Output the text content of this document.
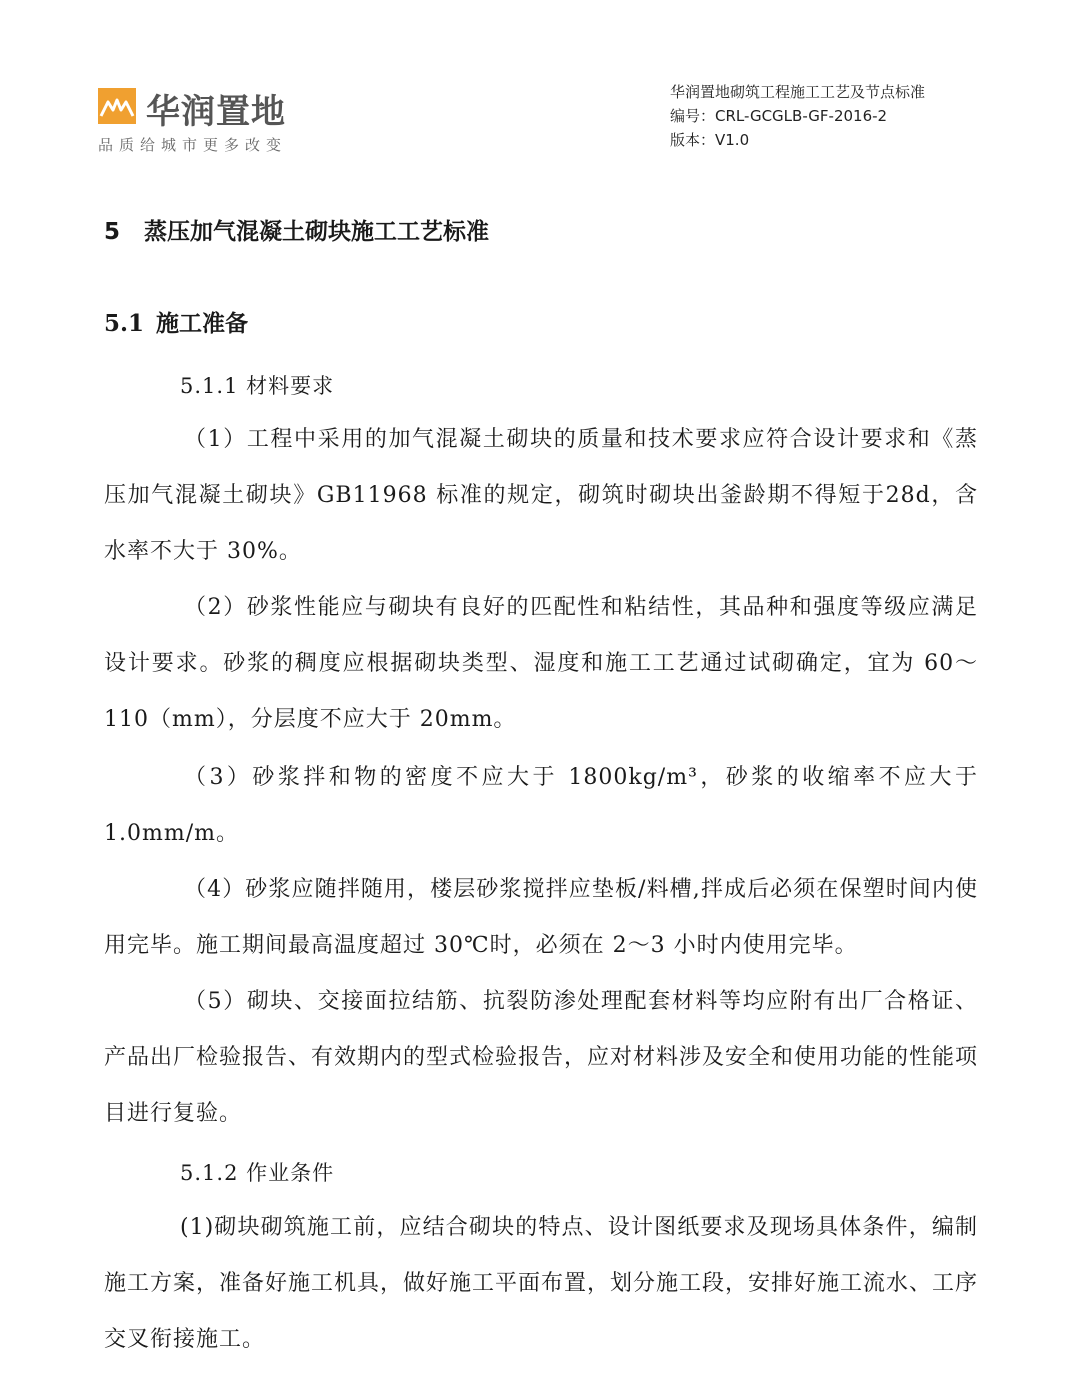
华润置地
品质给城市更多改变
华润置地砌筑工程施工工艺及节点标准
编号：CRL-GCGLB-GF-2016-2
版本：V1.0
5 蒸压加气混凝土砌块施工工艺标准
5.1 施工准备
5.1.1 材料要求
（1）工程中采用的加气混凝土砌块的质量和技术要求应符合设计要求和《蒸压加气混凝土砌块》GB11968 标准的规定，砌筑时砌块出釜龄期不得短于28d，含水率不大于 30%。
（2）砂浆性能应与砌块有良好的匹配性和粘结性，其品种和强度等级应满足设计要求。砂浆的稠度应根据砌块类型、湿度和施工工艺通过试砌确定，宜为 60～110（mm），分层度不应大于 20mm。
（3）砂浆拌和物的密度不应大于 1800kg/m³，砂浆的收缩率不应大于1.0mm/m。
（4）砂浆应随拌随用，楼层砂浆搅拌应垫板/料槽,拌成后必须在保塑时间内使用完毕。施工期间最高温度超过 30℃时，必须在 2～3 小时内使用完毕。
（5）砌块、交接面拉结筋、抗裂防渗处理配套材料等均应附有出厂合格证、产品出厂检验报告、有效期内的型式检验报告，应对材料涉及安全和使用功能的性能项目进行复验。
5.1.2 作业条件
(1)砌块砌筑施工前，应结合砌块的特点、设计图纸要求及现场具体条件，编制施工方案，准备好施工机具，做好施工平面布置，划分施工段，安排好施工流水、工序交叉衔接施工。
